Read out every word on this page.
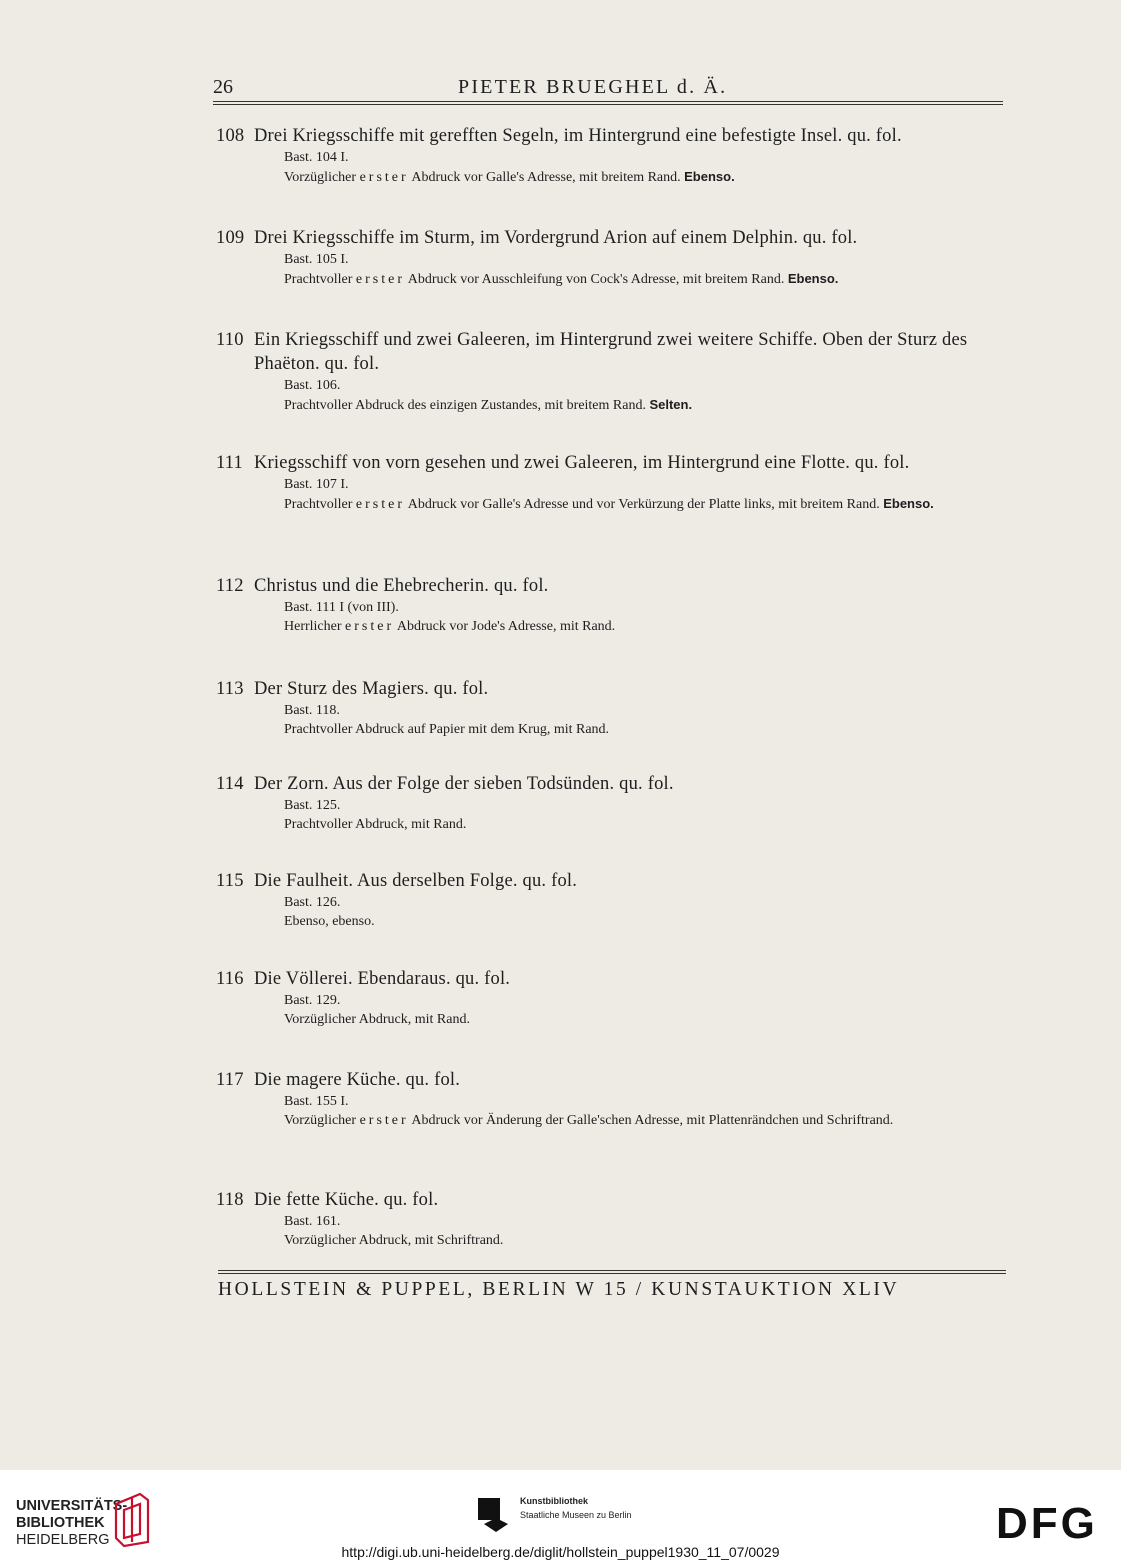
26	PIETER BRUEGHEL d. Ä.
108 Drei Kriegsschiffe mit gerefften Segeln, im Hintergrund eine befestigte Insel. qu. fol.
Bast. 104 I.
Vorzüglicher erster Abdruck vor Galle's Adresse, mit breitem Rand. Ebenso.
109 Drei Kriegsschiffe im Sturm, im Vordergrund Arion auf einem Delphin. qu. fol.
Bast. 105 I.
Prachtvoller erster Abdruck vor Ausschleifung von Cock's Adresse, mit breitem Rand. Ebenso.
110 Ein Kriegsschiff und zwei Galeeren, im Hintergrund zwei weitere Schiffe. Oben der Sturz des Phaëton. qu. fol.
Bast. 106.
Prachtvoller Abdruck des einzigen Zustandes, mit breitem Rand. Selten.
111 Kriegsschiff von vorn gesehen und zwei Galeeren, im Hintergrund eine Flotte. qu. fol.
Bast. 107 I.
Prachtvoller erster Abdruck vor Galle's Adresse und vor Verkürzung der Platte links, mit breitem Rand. Ebenso.
112 Christus und die Ehebrecherin. qu. fol.
Bast. 111 I (von III).
Herrlicher erster Abdruck vor Jode's Adresse, mit Rand.
113 Der Sturz des Magiers. qu. fol.
Bast. 118.
Prachtvoller Abdruck auf Papier mit dem Krug, mit Rand.
114 Der Zorn. Aus der Folge der sieben Todsünden. qu. fol.
Bast. 125.
Prachtvoller Abdruck, mit Rand.
115 Die Faulheit. Aus derselben Folge. qu. fol.
Bast. 126.
Ebenso, ebenso.
116 Die Völlerei. Ebendaraus. qu. fol.
Bast. 129.
Vorzüglicher Abdruck, mit Rand.
117 Die magere Küche. qu. fol.
Bast. 155 I.
Vorzüglicher erster Abdruck vor Änderung der Galle'schen Adresse, mit Plattenrändchen und Schriftrand.
118 Die fette Küche. qu. fol.
Bast. 161.
Vorzüglicher Abdruck, mit Schriftrand.
HOLLSTEIN & PUPPEL, BERLIN W 15 / KUNSTAUKTION XLIV
UNIVERSITÄTS-
BIBLIOTHEK
HEIDELBERG
Kunstbibliothek
Staatliche Museen zu Berlin	DFG
http://digi.ub.uni-heidelberg.de/diglit/hollstein_puppel1930_11_07/0029
